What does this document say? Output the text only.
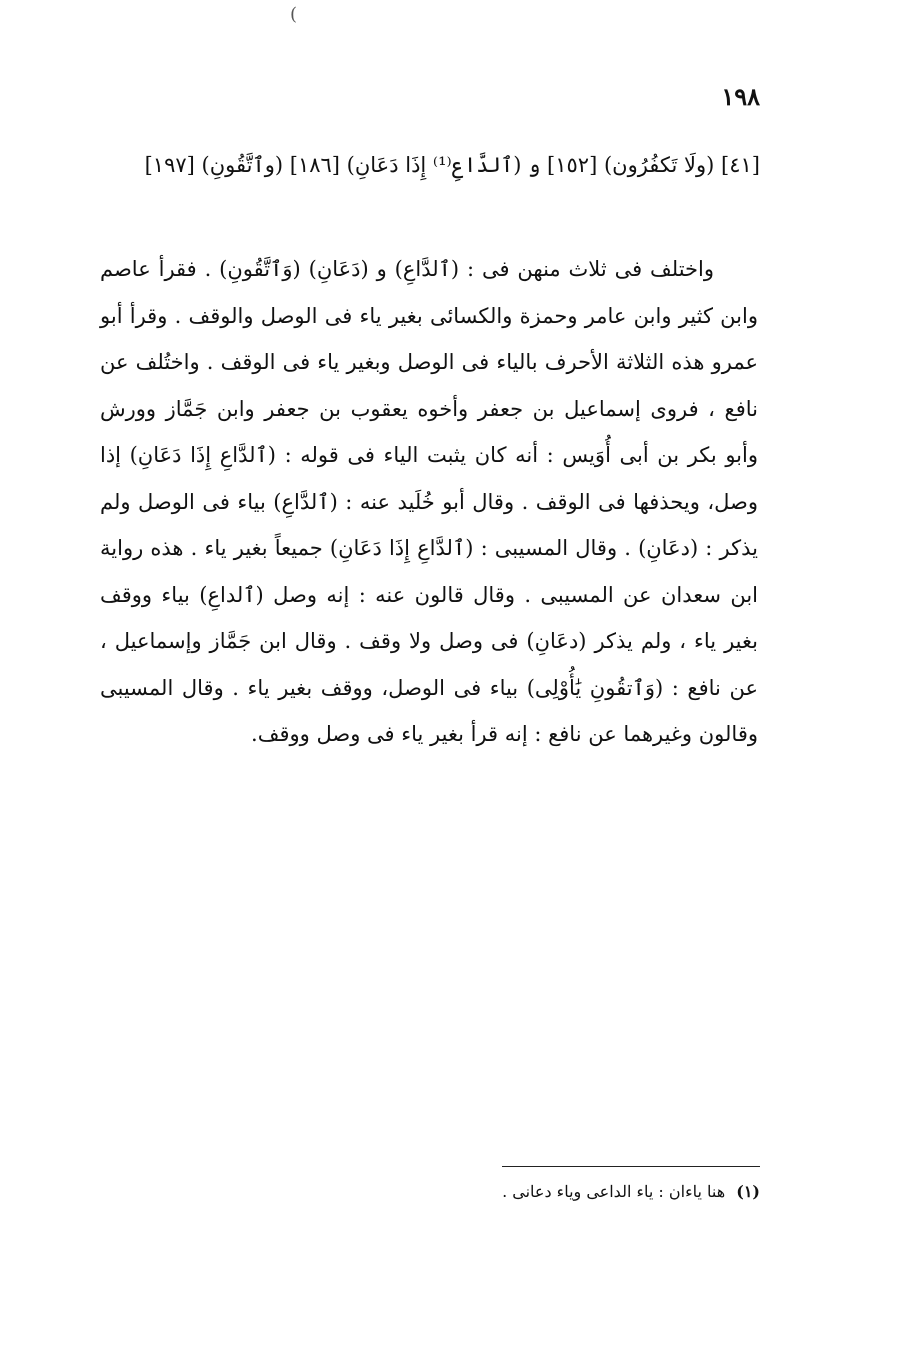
(
١٩٨
[٤١] (ولَا تَكفُرُون) [١٥٢] و (ٱلدَّاعِ⁽¹⁾ إِذَا دَعَانِ) [١٨٦] (وٱتَّقُونِ) [١٩٧]

واختلف فى ثلاث منهن فى : (ٱلدَّاعِ) و (دَعَانِ) (وَٱتَّقُونِ) . فقرأ عاصم وابن كثير وابن عامر وحمزة والكسائى بغير ياء فى الوصل والوقف . وقرأ أبو عمرو هذه الثلاثة الأحرف بالياء فى الوصل وبغير ياء فى الوقف . واختُلف عن نافع ، فروى إسماعيل بن جعفر وأخوه يعقوب بن جعفر وابن جَمَّاز وورش وأبو بكر بن أبى أُوَيس : أنه كان يثبت الياء فى قوله : (ٱلدَّاعِ إِذَا دَعَانِ) إذا وصل، ويحذفها فى الوقف . وقال أبو خُلَيد عنه : (ٱلدَّاعِ) بياء فى الوصل ولم يذكر : (دعَانِ) . وقال المسيبى : (ٱلدَّاعِ إِذَا دَعَانِ) جميعاً بغير ياء . هذه رواية ابن سعدان عن المسيبى . وقال قالون عنه : إنه وصل (ٱلداعِ) بياء ووقف بغير ياء ، ولم يذكر (دعَانِ) فى وصل ولا وقف . وقال ابن جَمَّاز وإسماعيل ، عن نافع : (وَٱتقُونِ يَٰأُوْلِى) بياء فى الوصل، ووقف بغير ياء . وقال المسيبى وقالون وغيرهما عن نافع : إنه قرأ بغير ياء فى وصل ووقف.

(١) هنا ياءان : ياء الداعى وياء دعانى .
